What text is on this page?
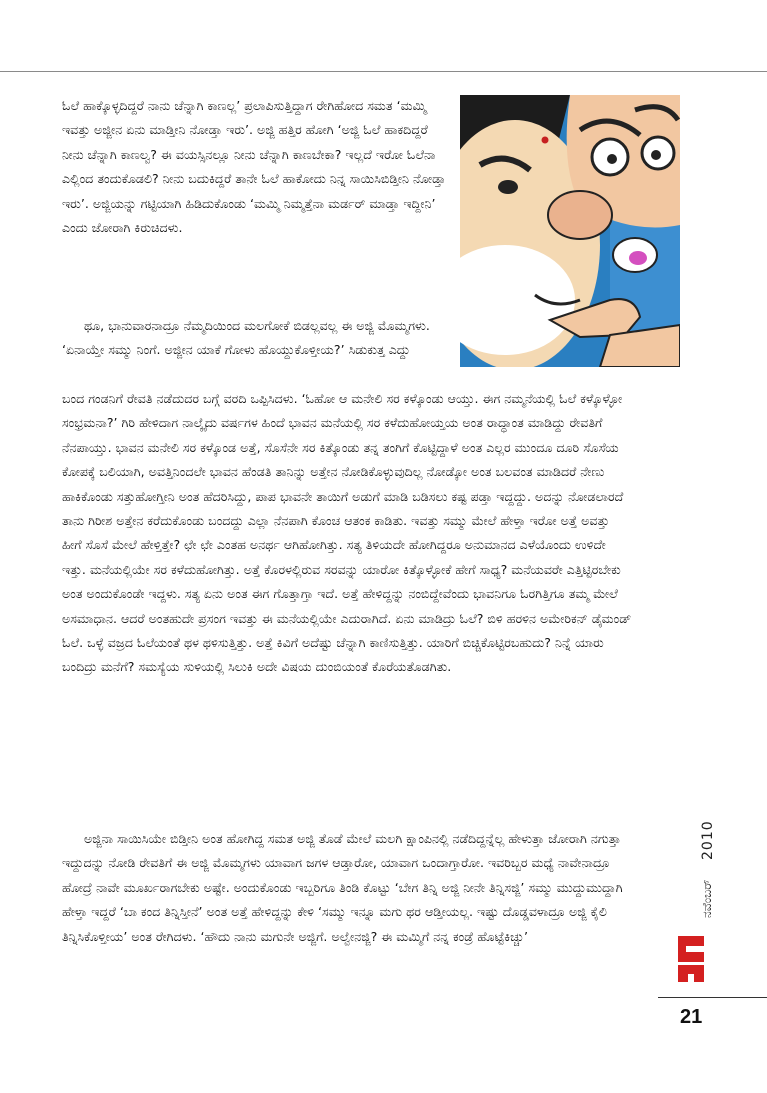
ಓಲೆ ಹಾಕ್ಕೊಳ್ಳದಿದ್ದರೆ ನಾನು ಚೆನ್ನಾಗಿ ಕಾಣಲ್ಲ’ ಪ್ರಲಾಪಿಸುತ್ತಿದ್ದಾಗ ರೇಗಿಹೋದ ಸಮತ ‘ಮಮ್ಮಿ ಇವತ್ತು ಅಜ್ಜೀನ ಏನು ಮಾಡ್ತೀನಿ ನೋಡ್ತಾ ಇರು’. ಅಜ್ಜಿ ಹತ್ತಿರ ಹೋಗಿ ‘ಅಜ್ಜಿ ಓಲೆ ಹಾಕದಿದ್ದರೆ ನೀನು ಚೆನ್ನಾಗಿ ಕಾಣಲ್ವ? ಈ ವಯಸ್ಸಿನಲ್ಲೂ ನೀನು ಚೆನ್ನಾಗಿ ಕಾಣಬೇಕಾ? ಇಲ್ಲದೆ ಇರೋ ಓಲೆನಾ ಎಲ್ಲಿಂದ ತಂದುಕೊಡಲಿ? ನೀನು ಬದುಕಿದ್ದರೆ ತಾನೇ ಓಲೆ ಹಾಕೋದು ನಿನ್ನ ಸಾಯಿಸಿಬಿಡ್ತೀನಿ ನೋಡ್ತಾ ಇರು’. ಅಜ್ಜಿಯನ್ನು ಗಟ್ಟಿಯಾಗಿ ಹಿಡಿದುಕೊಂಡು ‘ಮಮ್ಮಿ ನಿಮ್ಮತ್ತೆನಾ ಮರ್ಡರ್ ಮಾಡ್ತಾ ಇದ್ದೀನಿ’ ಎಂದು ಜೋರಾಗಿ ಕಿರುಚಿದಳು.

ಥೂ, ಭಾನುವಾರನಾದ್ರೂ ನೆಮ್ಮದಿಯಿಂದ ಮಲಗೋಕೆ ಬಿಡಲ್ಲವಲ್ಲ ಈ ಅಜ್ಜಿ ಮೊಮ್ಮಗಳು. ‘ಏನಾಯ್ತೇ ಸಮ್ಮು ನಿಂಗೆ. ಅಜ್ಜೀನ ಯಾಕೆ ಗೋಳು ಹೊಯ್ದುಕೊಳ್ತೀಯ?’ ಸಿಡುಕುತ್ತ ಎದ್ದು

ಬಂದ ಗಂಡನಿಗೆ ರೇವತಿ ನಡೆದುದರ ಬಗ್ಗೆ ವರದಿ ಒಪ್ಪಿಸಿದಳು. ‘ಓಹೋ ಆ ಮನೇಲಿ ಸರ ಕಳ್ಕೊಂಡು ಆಯ್ತು. ಈಗ ನಮ್ಮನೆಯಲ್ಲಿ ಓಲೆ ಕಳ್ಕೊಳ್ಳೋ ಸಂಭ್ರಮನಾ?’ ಗಿರಿ ಹೇಳಿದಾಗ ನಾಲ್ಕೈದು ವರ್ಷಗಳ ಹಿಂದೆ ಭಾವನ ಮನೆಯಲ್ಲಿ ಸರ ಕಳೆದುಹೋಯ್ತಯ ಅಂತ ರಾದ್ಧಾಂತ ಮಾಡಿದ್ದು ರೇವತಿಗೆ ನೆನಪಾಯ್ತು. ಭಾವನ ಮನೇಲಿ ಸರ ಕಳ್ಕೊಂಡ ಅತ್ತೆ, ಸೊಸೆನೇ ಸರ ಕಿತ್ಕೊಂಡು ತನ್ನ ತಂಗಿಗೆ ಕೊಟ್ಟಿದ್ದಾಳೆ ಅಂತ ಎಲ್ಲರ ಮುಂದೂ ದೂರಿ ಸೊಸೆಯ ಕೋಪಕ್ಕೆ ಬಲಿಯಾಗಿ, ಅವತ್ತಿನಿಂದಲೇ ಭಾವನ ಹೆಂಡತಿ ತಾನಿನ್ನು ಅತ್ತೇನ ನೋಡಿಕೊಳ್ಳುವುದಿಲ್ಲ ನೋಡ್ಕೋ ಅಂತ ಬಲವಂತ ಮಾಡಿದರೆ ನೇಣು ಹಾಕಿಕೊಂಡು ಸತ್ತುಹೋಗ್ತೀನಿ ಅಂತ ಹೆದರಿಸಿದ್ದು, ಪಾಪ ಭಾವನೇ ತಾಯಿಗೆ ಅಡುಗೆ ಮಾಡಿ ಬಡಿಸಲು ಕಷ್ಟ ಪಡ್ತಾ ಇದ್ದದ್ದು. ಅದನ್ನು ನೋಡಲಾರದೆ ತಾನು ಗಿರೀಶ ಅತ್ತೇನ ಕರೆದುಕೊಂಡು ಬಂದದ್ದು ಎಲ್ಲಾ ನೆನಪಾಗಿ ಕೊಂಚ ಆತಂಕ ಕಾಡಿತು. ಇವತ್ತು ಸಮ್ಮು ಮೇಲೆ ಹೇಳ್ತಾ ಇರೋ ಅತ್ತೆ ಅವತ್ತು ಹೀಗೆ ಸೊಸೆ ಮೇಲೆ ಹೇಳ್ತಿತ್ತೇ? ಛೇ ಛೇ ಎಂತಹ ಅನರ್ಥ ಆಗಿಹೋಗಿತ್ತು. ಸತ್ಯ ತಿಳಿಯದೇ ಹೋಗಿದ್ದರೂ ಅನುಮಾನದ ಎಳೆಯೊಂದು ಉಳಿದೇ ಇತ್ತು. ಮನೆಯಲ್ಲಿಯೇ ಸರ ಕಳೆದುಹೋಗಿತ್ತು. ಅತ್ತೆ ಕೊರಳಲ್ಲಿರುವ ಸರವನ್ನು ಯಾರೋ ಕಿತ್ಕೊಳ್ಳೋಕೆ ಹೇಗೆ ಸಾಧ್ಯ? ಮನೆಯವರೇ ಎತ್ತಿಟ್ಟಿರಬೇಕು ಅಂತ ಅಂದುಕೊಂಡೇ ಇದ್ದಳು. ಸತ್ಯ ಏನು ಅಂತ ಈಗ ಗೊತ್ತಾಗ್ತಾ ಇದೆ. ಅತ್ತೆ ಹೇಳಿದ್ದನ್ನು ನಂಬಿದ್ದೇವೆಂದು ಭಾವನಿಗೂ ಓರಗಿತ್ತಿಗೂ ತಮ್ಮ ಮೇಲೆ ಅಸಮಾಧಾನ. ಆದರೆ ಅಂತಹುದೇ ಪ್ರಸಂಗ ಇವತ್ತು ಈ ಮನೆಯಲ್ಲಿಯೇ ಎದುರಾಗಿದೆ. ಏನು ಮಾಡಿದ್ರು ಓಲೆ? ಬಿಳಿ ಹರಳಿನ ಅಮೇರಿಕನ್ ಡೈಮಂಡ್ ಓಲೆ. ಒಳ್ಳೆ ವಜ್ರದ ಓಲೆಯಂತೆ ಥಳ ಥಳಿಸುತ್ತಿತ್ತು. ಅತ್ತೆ ಕಿವಿಗೆ ಅದೆಷ್ಟು ಚೆನ್ನಾಗಿ ಕಾಣಿಸುತ್ತಿತ್ತು. ಯಾರಿಗೆ ಬಿಚ್ಚಿಕೊಟ್ಟಿರಬಹುದು? ನಿನ್ನೆ ಯಾರು ಬಂದಿದ್ರು ಮನೆಗೆ? ಸಮಸ್ಯೆಯ ಸುಳಿಯಲ್ಲಿ ಸಿಲುಕಿ ಅದೇ ವಿಷಯ ದುಂಬಿಯಂತೆ ಕೊರೆಯತೊಡಗಿತು.

ಅಜ್ಜಿನಾ ಸಾಯಿಸಿಯೇ ಬಿಡ್ತೀನಿ ಅಂತ ಹೋಗಿದ್ದ ಸಮತ ಅಜ್ಜಿ ತೊಡೆ ಮೇಲೆ ಮಲಗಿ ಕ್ಷಾಂಪಿನಲ್ಲಿ ನಡೆದಿದ್ದನ್ನೆಲ್ಲ ಹೇಳುತ್ತಾ ಜೋರಾಗಿ ನಗುತ್ತಾ ಇದ್ದುದನ್ನು ನೋಡಿ ರೇವತಿಗೆ ಈ ಅಜ್ಜಿ ಮೊಮ್ಮಗಳು ಯಾವಾಗ ಜಗಳ ಆಡ್ತಾರೋ, ಯಾವಾಗ ಒಂದಾಗ್ತಾರೋ. ಇವರಿಬ್ಬರ ಮಧ್ಯೆ ನಾವೇನಾದ್ರೂ ಹೋದ್ರೆ ನಾವೇ ಮೂರ್ಖರಾಗಬೇಕು ಅಷ್ಟೇ. ಅಂದುಕೊಂಡು ಇಬ್ಬರಿಗೂ ತಿಂಡಿ ಕೊಟ್ಟು ‘ಬೇಗ ತಿನ್ನಿ ಅಜ್ಜಿ ನೀನೇ ತಿನ್ನಿಸಜ್ಜಿ’ ಸಮ್ಮು ಮುದ್ದುಮುದ್ದಾಗಿ ಹೇಳ್ತಾ ಇದ್ದರೆ ‘ಬಾ ಕಂದ ತಿನ್ನಿಸ್ತೀನೆ’ ಅಂತ ಅತ್ತೆ ಹೇಳಿದ್ದನ್ನು ಕೇಳಿ ‘ಸಮ್ಮು ಇನ್ನೂ ಮಗು ಥರ ಆಡ್ತೀಯಲ್ಲ. ಇಷ್ಟು ದೊಡ್ಡವಳಾದ್ರೂ ಅಜ್ಜಿ ಕೈಲಿ ತಿನ್ನಿಸಿಕೊಳ್ತೀಯ’ ಅಂತ ರೇಗಿದಳು. ‘ಹೌದು ನಾನು ಮಗುನೇ ಅಜ್ಜಿಗೆ. ಅಲ್ವೇನಜ್ಜಿ? ಈ ಮಮ್ಮಿಗೆ ನನ್ನ ಕಂಡ್ರೆ ಹೊಟ್ಟೆಕಿಚ್ಚು’

2010
ನವೆಂಬರ್
21
